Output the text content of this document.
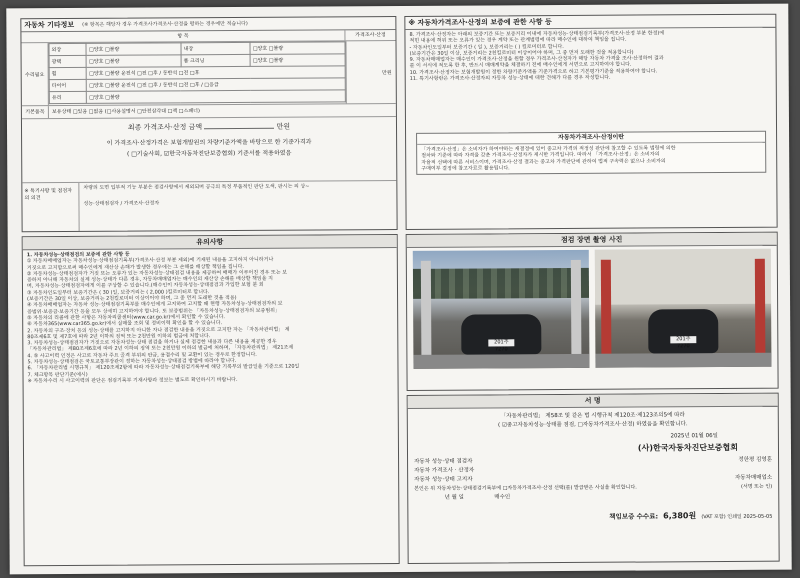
자동차 기타정보 (※ 항목은 해당자 경우 가격조사가격조사·산정을 평하는 경우에만 적습니다)
항 목	가격조사·산정
수리필요
외장	□양호 □불량	내장	□양호 □불량
광택	□양호 □불량	룸 크리닝	□양호 □불량
휠	□양호 □불량 운전석 □전 □후 / 동반석 □전 □후		
타이어	□양호 □불량 운전석 □전 □후 / 동반석 □전 □후 / □응급		
유리	□양호 □불량		
만원
기본품목	보유상태 □있음 □없음 (□사용설명서 □안전삼각대 □잭 □스패너)
최종 가격조사·산정 금액	만원
이 가격조사·산정가격은 보험개발원의 차량기준가액을 바탕으로 한 기준가격과
( □기술사회, ☑한국자동차진단보증협회) 기준서를 적용하였음
※ 특기사항 및 점검자의 의견
차량의 도면 입부적 기능 부분은 점검사항에서 제외되며 공극의 특정 부품적인 판단 도색, 판시는 의 상~
성능·상태점검자 / 가격조사·산정자
유의사항
1. 자동차성능·상태점검의 보증에 관한 사항 등
① 자동차매매업자는 자동차성능·상태점검기록부(가격조사·산정 부분 제외)에 기재된 내용을 고지하지 아니하거나
거짓으로 고지함으로써 매수인에게 재산상 손해가 발생한 경우에는 그 손해를 배상할 책임을 집니다.
② 자동차성능·상태점검자가 거짓 또는 오류가 있는 자동차성능·상태점검 내용을 제공하여 매매가 이루어진 경우 또는 보
증하지 아니해 자동차의 실제 성능·상태가 다른 경우, 자동차매매업자는 매수인의 재산상 손해를 배상할 책임을 지
며, 자동차성능·상태점검자에게 이를 구상할 수 있습니다.(매수인이 자동차성능·상태점검과 가입한 보험 분 회
③ 자동차인도일부터 보증기간은 ( 30 )일, 보증거리는 ( 2,000 )킬로미터로 합니다.
(보증기간은 30일 이상, 보증거리는 2천킬로미터 이상이어야 하며, 그 중 먼저 도래한 것을 적용)
④ 자동차매매업자는 자동차 성능·상태점검기록부를 매수인에게 고지하여 고지할 때 현행 자동차성능·상태점검자의 보
증범위·보증금·보증기간 등을 모두 상세히 고지하여야 합니다. 또 보증범위는 「자동차성능·상태점검자의 보증범위」
⑤ 자동차의 리콜에 관한 사항은 자동차리콜센터(www.car.go.kr)에서 확인할 수 있습니다.
⑥ 자동차365(www.car365.go.kr)에서 실매물 조회 및 정비이력 확인을 할 수 있습니다.
2. 자동차의 구조·장치 등의 성능·상태를 고지하지 아니한 자나 점검한 내용을 거짓으로 고지한 자는 「자동차관리법」 제
80조제6호 및 제7호에 따라 2년 이하의 징역 또는 2천만원 이하의 벌금에 처합니다.
3. 자동차성능·상태점검자가 거짓으로 자동차성능·상태 점검을 하거나 실제 점검한 내용과 다른 내용을 제공한 경우
「자동차관리법」 제80조제6호에 따라 2년 이하의 징역 또는 2천만원 이하의 벌금에 처하며, 「자동차관리법」 제21조제
4. ⑤ 사고이력 인정은 사고로 자동차 주요 골격 부위의 판금, 용접수리 및 교환이 있는 경우로 한정합니다.
5. 자동차성능·상태점검은 국토교통부장관이 정하는 자동차성능·상태점검 방법에 따라야 합니다.
6. 「자동차관리법 시행규칙」 제120조제2항에 따라 자동차성능·상태점검기록부에 해당 기록부의 발급일을 기준으로 120일
7. 체크항목 판단기준(예시)
※ 자동차수리 시 사고이력의 판단은 점검기록부 기재사항과 정보는 별도로 확인하시기 바랍니다.
※ 자동차가격조사·산정의 보증에 관한 사항 등
8. 가격조사·산정자는 아래의 보증기간 또는 보증거리 이내에 자동차성능·상태점검기록부(가격조사·산정 부분 한정)에
적힌 내용에 허위 또는 오류가 있는 경우 계약 또는 관계법령에 따라 매수인에 대하여 책임을 집니다.
- 자동차인도일부터 보증기간 ( 일 ), 보증거리는 ( ) 킬로미터로 합니다.
(보증기간은 30일 이상, 보증거리는 2천킬로미터 이상이어야 하며, 그 중 먼저 도래한 것을 적용합니다)
9. 자동차매매업자는 매수인이 가격조사·산정을 원할 경우 가격조사·산정자가 해당 자동차 가격을 조사·산정하여 결과
를 이 서식에 적도록 한 후, 반드시 매매계약을 체결하기 전에 매수인에게 서면으로 고지하여야 합니다.
10. 가격조사·산정자는 보험개발원이 정한 차량기준가액을 기준가격으로 하고 기본평가기준을 적용하여야 합니다.
11. 특기사항란은 가격조사·산정자의 자동차 성능·상태에 대한 견해가 다를 경우 작성합니다.
자동차가격조사·산정이란
「가격조사·산정」은 소비자가 하여야하는 재결정에 있어 중고차 가격의 적정성 판단에 참고할 수 있도록 법령에 의한
절차와 기준에 따라 자격을 갖춘 가격조사·산정자가 제시한 가격입니다. 따라서 「가격조사·산정」은 소비자의
자율적 선택에 따른 서비스이며, 가격조사·산정 결과는 중고차 가격판단에 관하여 법적 구속력은 없으나 소비자의
구매여부 결정에 참고자료로 활용됩니다.
점검 장면 촬영 사진
201주 7270
201주 7270
서 명
「자동차관리법」 제58조 및 같은 법 시행규칙 제120조·제123조의5에 따라
( ☑중고자동차성능·상태를 점검, □자동차가격조사·산정) 하였음을 확인합니다.
2025년 01월 06일
(사)한국자동차진단보증협회
자동차 성능·상태 점검자	정한평 김영훈
자동차 가격조사 · 산정자
자동차 성능·상태 고지자	자동차매매업소
본인은 위 자동차성능·상태점검기록부에 □자동차가격조사·산정 선택(를) 발급받은 사실을 확인합니다.	(서명 또는 인)
년 월 일	매수인
책임보증 수수료: 6,380원 (VAT 포함) 인쇄일 2025-05-05
